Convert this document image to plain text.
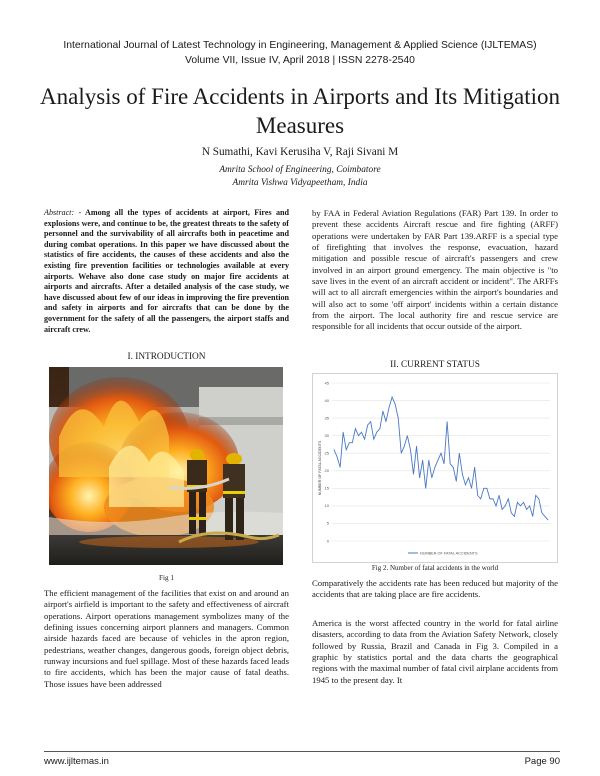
International Journal of Latest Technology in Engineering, Management & Applied Science (IJLTEMAS)
Volume VII, Issue IV, April 2018 | ISSN 2278-2540
Analysis of Fire Accidents in Airports and Its Mitigation Measures
N Sumathi, Kavi Kerusiha V, Raji Sivani M
Amrita School of Engineering, Coimbatore
Amrita Vishwa Vidyapeetham, India

Abstract: - Among all the types of accidents at airport, Fires and explosions were, and continue to be, the greatest threats to the safety of personnel and the survivability of all aircrafts both in peacetime and during combat operations. In this paper we have discussed about the statistics of fire accidents, the causes of these accidents and also the existing fire prevention facilities or technologies available at every airports. Wehave also done case study on major fire accidents at airports and aircrafts. After a detailed analysis of the case study, we have discussed about few of our ideas in improving the fire prevention and safety in airports and for aircrafts that can be done by the government for the safety of all the passengers, the airport staffs and aircraft crew.

I. INTRODUCTION
Fig 1

The efficient management of the facilities that exist on and around an airport's airfield is important to the safety and effectiveness of aircraft operations. Airport operations management symbolizes many of the defining issues concerning airport planners and managers. Common airside hazards faced are because of vehicles in the apron region, pedestrians, weather changes, dangerous goods, foreign object debris, runway incursions and fuel spillage. Most of these hazards faced leads to fire accidents, which has been the major cause of fatal deaths. Those issues have been addressed

by FAA in Federal Aviation Regulations (FAR) Part 139. In order to prevent these accidents Aircraft rescue and fire fighting (ARFF) operations were undertaken by FAR Part 139.ARFF is a special type of firefighting that involves the response, evacuation, hazard mitigation and possible rescue of aircraft's passengers and crew involved in an airport ground emergency. The main objective is "to save lives in the event of an aircraft accident or incident". The ARFFs will act to all aircraft emergencies within the airport's boundaries and will also act to some 'off airport' incidents within a certain distance from the airport. The local authority fire and rescue service are responsible for all incidents that occur outside of the airport.

II. CURRENT STATUS
0
5
10
15
20
25
30
35
40
45
NUMBER OF FATAL ACCIDENTS
NUMBER OF FATAL ACCIDENTS
Fig 2. Number of fatal accidents in the world

Comparatively the accidents rate has been reduced but majority of the accidents that are taking place are fire accidents.

America is the worst affected country in the world for fatal airline disasters, according to data from the Aviation Safety Network, closely followed by Russia, Brazil and Canada in Fig 3. Compiled in a graphic by statistics portal and the data charts the geographical regions with the maximal number of fatal civil airplane accidents from 1945 to the present day. It

www.ijltemas.in	Page 90
